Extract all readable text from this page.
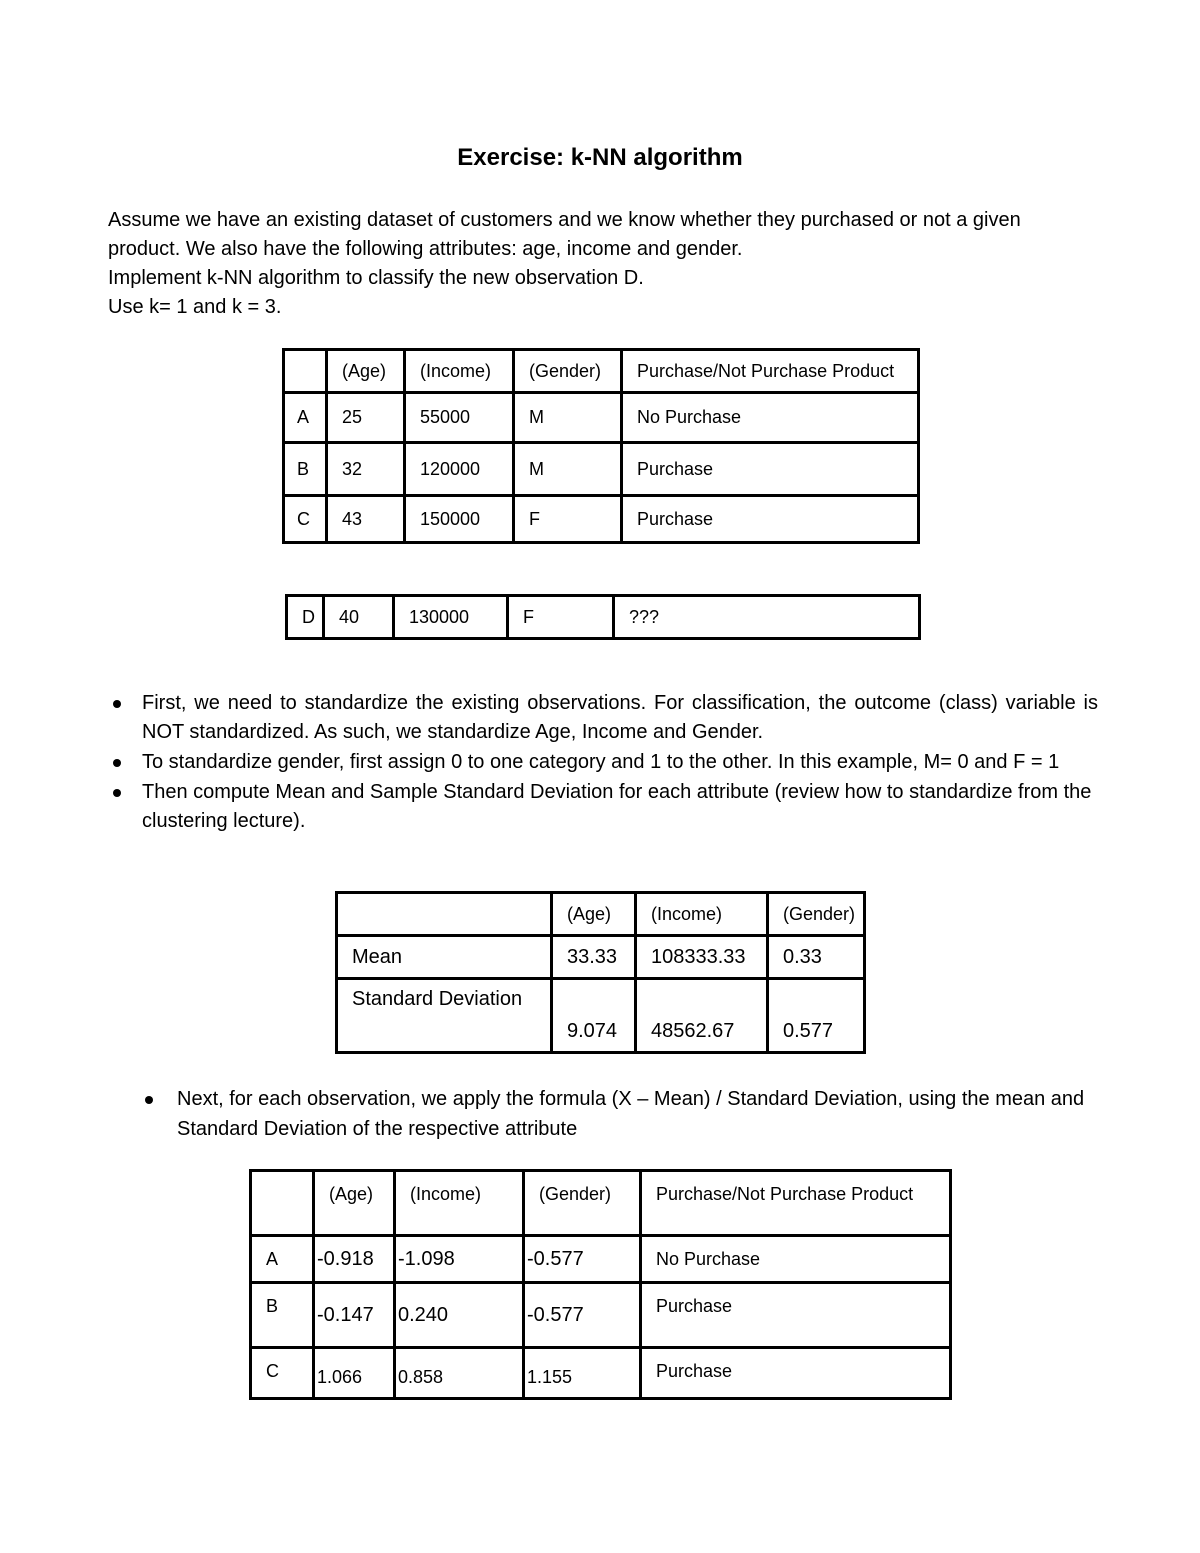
Exercise: k-NN algorithm
Assume we have an existing dataset of customers and we know whether they purchased or not a given
product. We also have the following attributes: age, income and gender.
Implement k-NN algorithm to classify the new observation D.
Use k= 1 and k = 3.
	(Age)	(Income)	(Gender)	Purchase/Not Purchase Product
A	25	55000	M	No Purchase
B	32	120000	M	Purchase
C	43	150000	F	Purchase
D	40	130000	F	???
First, we need to standardize the existing observations. For classification, the outcome (class) variable is NOT standardized. As such, we standardize Age, Income and Gender.
To standardize gender, first assign 0 to one category and 1 to the other. In this example, M= 0 and F = 1
Then compute Mean and Sample Standard Deviation for each attribute (review how to standardize from the clustering lecture).
	(Age)	(Income)	(Gender)
Mean	33.33	108333.33	0.33
Standard Deviation	9.074	48562.67	0.577
Next, for each observation, we apply the formula (X – Mean) / Standard Deviation, using the mean and Standard Deviation of the respective attribute
	(Age)	(Income)	(Gender)	Purchase/Not Purchase Product
A	-0.918	-1.098	-0.577	No Purchase
B	-0.147	0.240	-0.577	Purchase
C	1.066	0.858	1.155	Purchase
